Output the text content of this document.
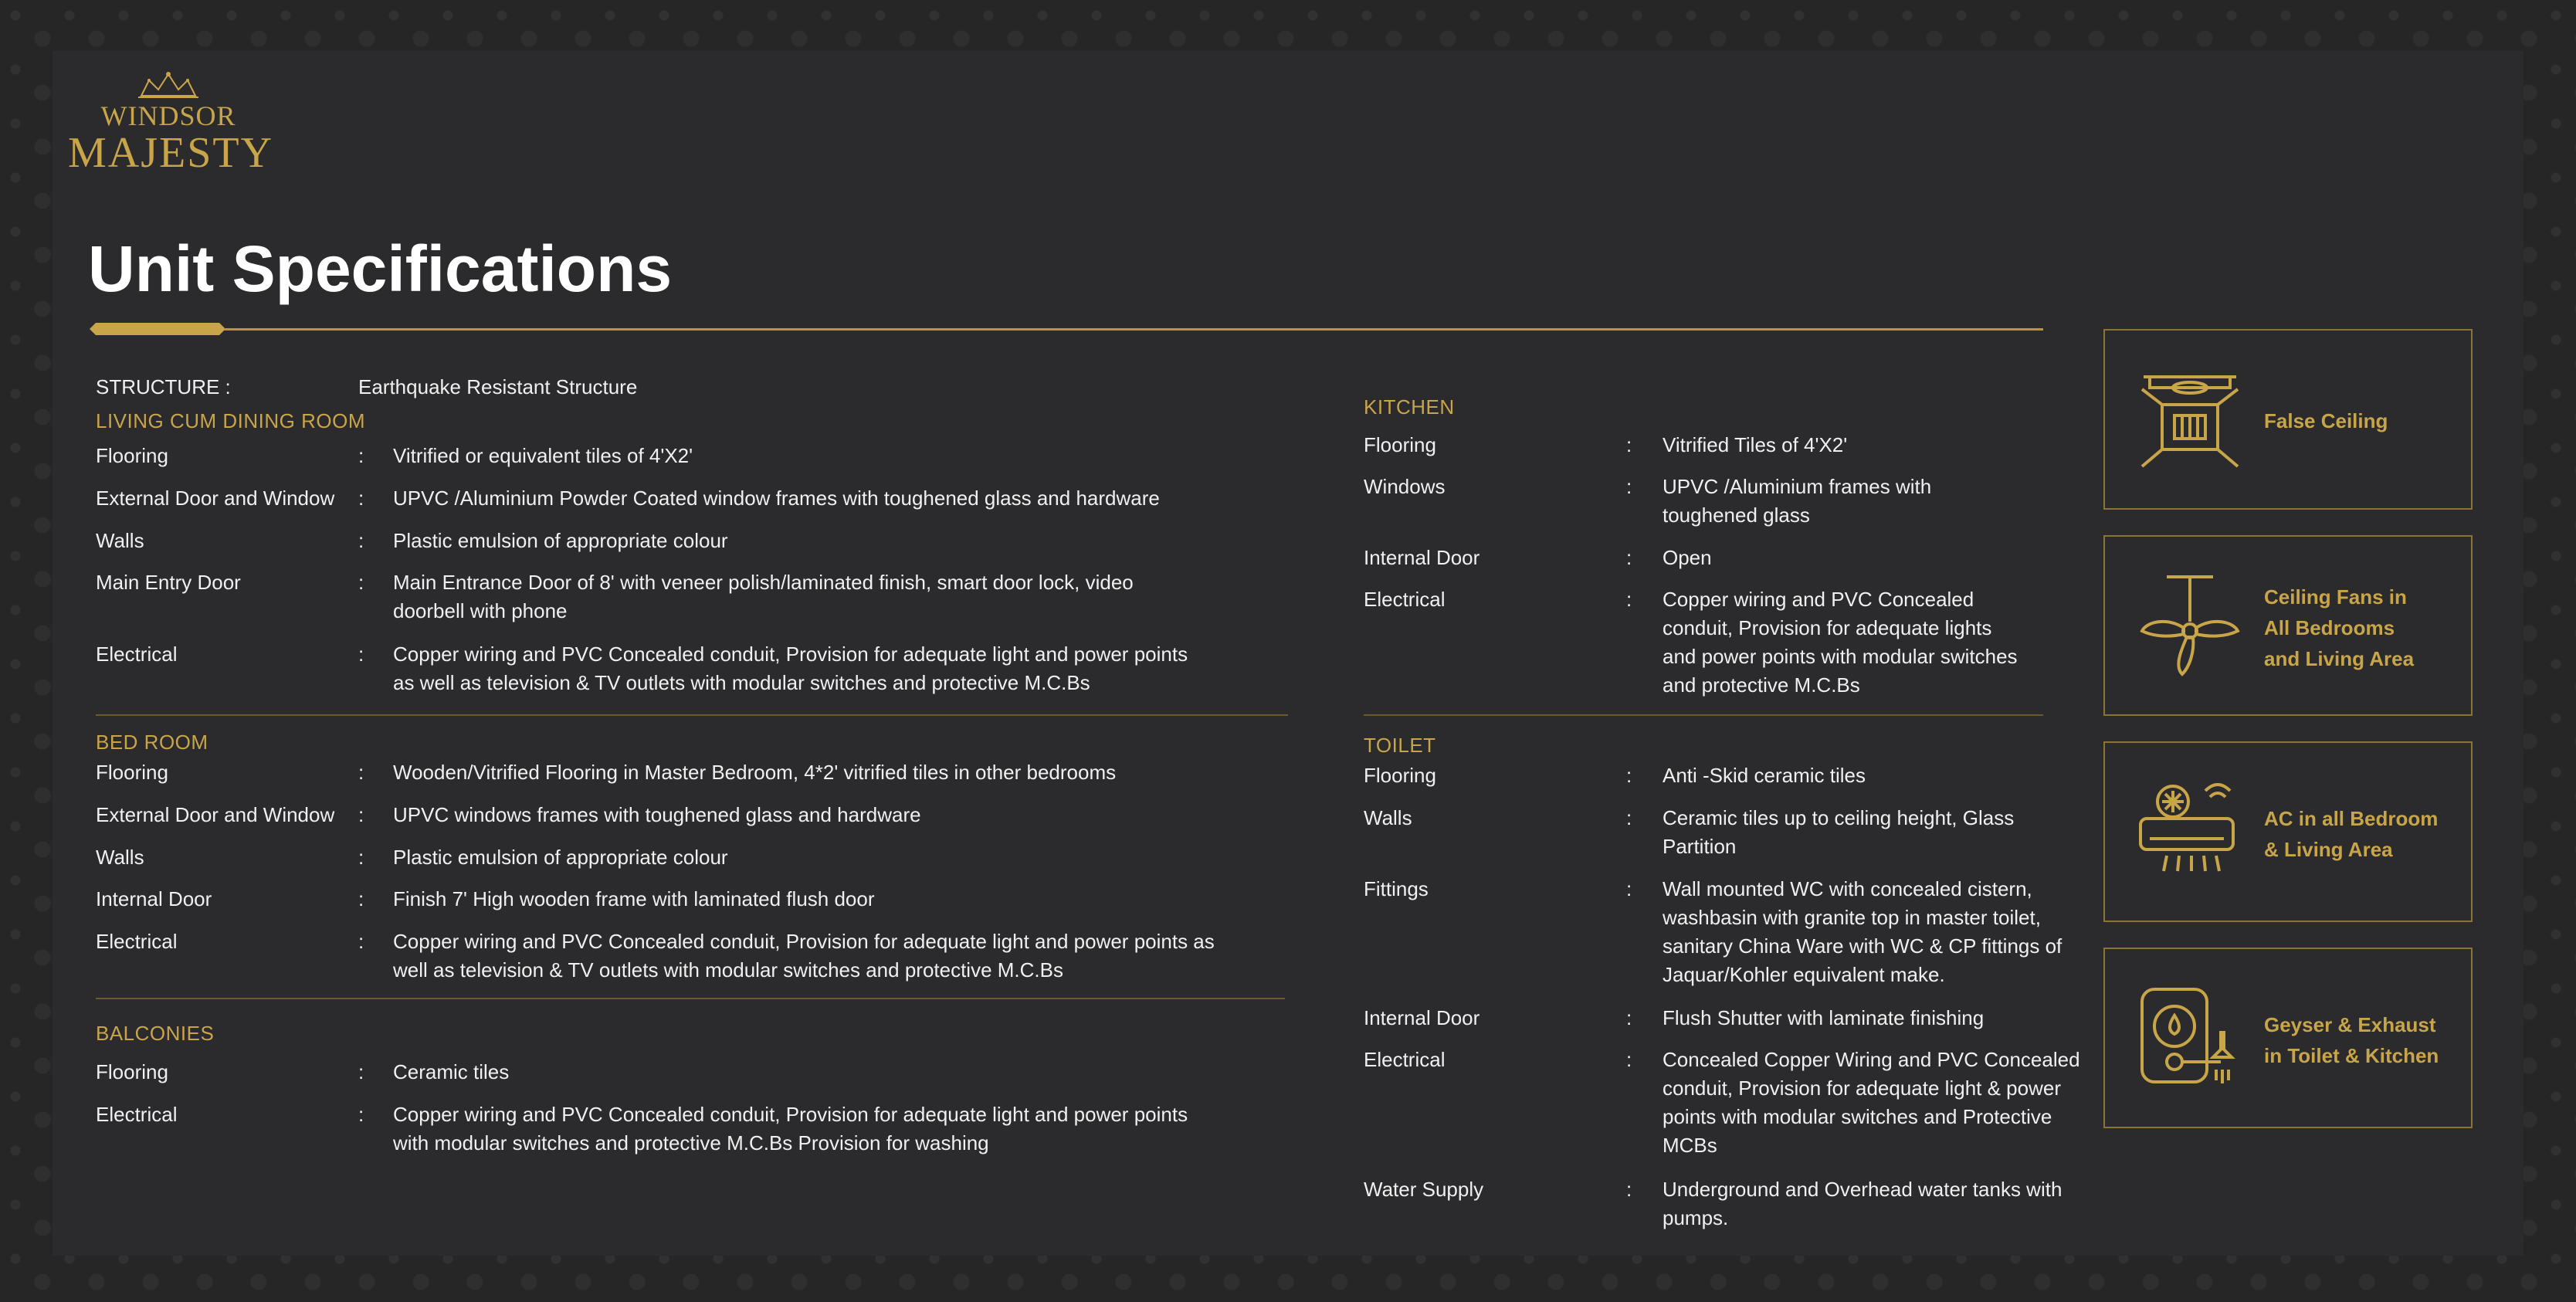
WINDSOR
MAJESTY
Unit Specifications
STRUCTURE :	Earthquake Resistant Structure
LIVING CUM DINING ROOM
Flooring	: Vitrified or equivalent tiles of 4'X2'
External Door and Window : UPVC /Aluminium Powder Coated window frames with toughened glass and hardware
Walls	: Plastic emulsion of appropriate colour
Main Entry Door	: Main Entrance Door of 8' with veneer polish/laminated finish, smart door lock, video doorbell with phone
Electrical	: Copper wiring and PVC Concealed conduit, Provision for adequate light and power points as well as television & TV outlets with modular switches and protective M.C.Bs
BED ROOM
Flooring	: Wooden/Vitrified Flooring in Master Bedroom, 4*2' vitrified tiles in other bedrooms
External Door and Window : UPVC windows frames with toughened glass and hardware
Walls	: Plastic emulsion of appropriate colour
Internal Door	: Finish 7' High wooden frame with laminated flush door
Electrical	: Copper wiring and PVC Concealed conduit, Provision for adequate light and power points as well as television & TV outlets with modular switches and protective M.C.Bs
BALCONIES
Flooring	: Ceramic tiles
Electrical	: Copper wiring and PVC Concealed conduit, Provision for adequate light and power points with modular switches and protective M.C.Bs Provision for washing
KITCHEN
Flooring	: Vitrified Tiles of 4'X2'
Windows	: UPVC /Aluminium frames with toughened glass
Internal Door	: Open
Electrical	: Copper wiring and PVC Concealed conduit, Provision for adequate lights and power points with modular switches and protective M.C.Bs
TOILET
Flooring	: Anti -Skid ceramic tiles
Walls	: Ceramic tiles up to ceiling height, Glass Partition
Fittings	: Wall mounted WC with concealed cistern, washbasin with granite top in master toilet, sanitary China Ware with WC & CP fittings of Jaquar/Kohler equivalent make.
Internal Door	: Flush Shutter with laminate finishing
Electrical	: Concealed Copper Wiring and PVC Concealed conduit, Provision for adequate light & power points with modular switches and Protective MCBs
Water Supply	: Underground and Overhead water tanks with pumps.
False Ceiling
Ceiling Fans in
All Bedrooms
and Living Area
AC in all Bedroom
& Living Area
Geyser & Exhaust
in Toilet & Kitchen
